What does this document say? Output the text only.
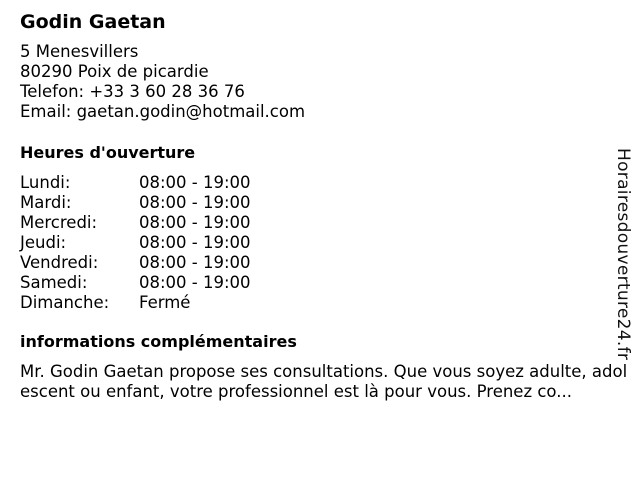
Godin Gaetan
5 Menesvillers
80290 Poix de picardie
Telefon: +33 3 60 28 36 76
Email: gaetan.godin@hotmail.com
Heures d'ouverture
Lundi:	08:00 - 19:00
Mardi:	08:00 - 19:00
Mercredi:	08:00 - 19:00
Jeudi:	08:00 - 19:00
Vendredi:	08:00 - 19:00
Samedi:	08:00 - 19:00
Dimanche:	Fermé
informations complémentaires
Mr. Godin Gaetan propose ses consultations. Que vous soyez adulte, adolescent ou enfant, votre professionnel est là pour vous. Prenez co...
Horairesdouverture24.fr
